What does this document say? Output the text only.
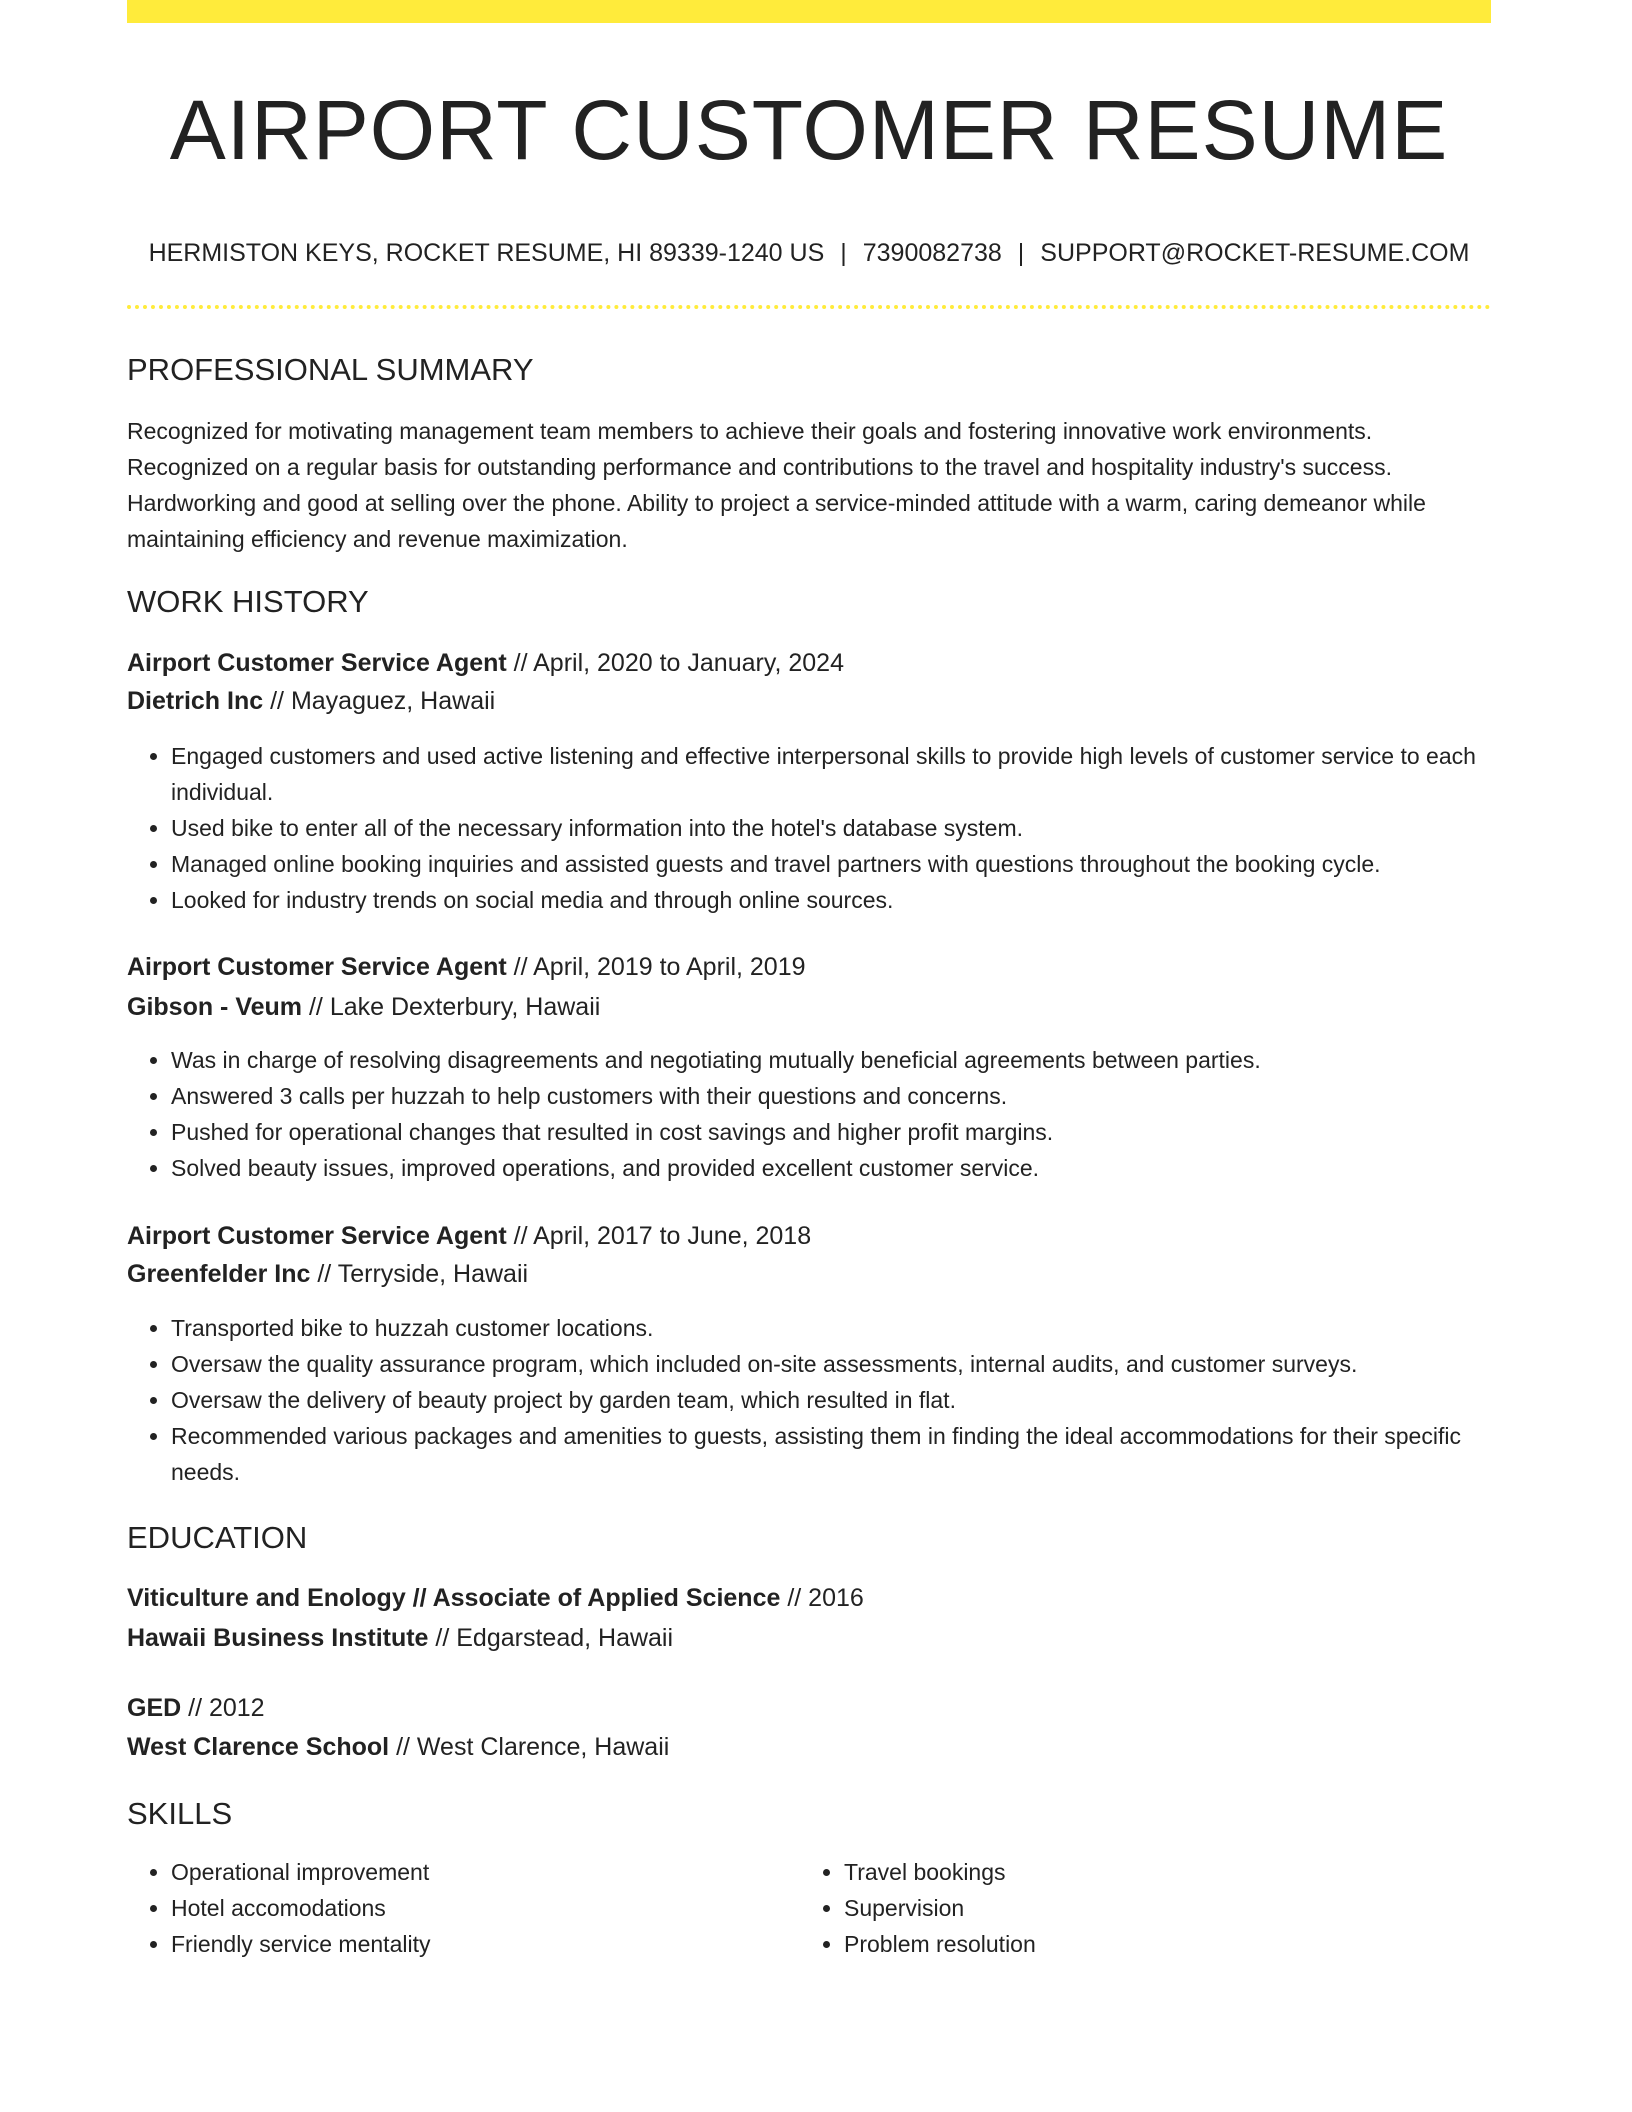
AIRPORT CUSTOMER RESUME
HERMISTON KEYS, ROCKET RESUME, HI 89339-1240 US | 7390082738 | SUPPORT@ROCKET-RESUME.COM
PROFESSIONAL SUMMARY

Recognized for motivating management team members to achieve their goals and fostering innovative work environments. Recognized on a regular basis for outstanding performance and contributions to the travel and hospitality industry's success. Hardworking and good at selling over the phone. Ability to project a service-minded attitude with a warm, caring demeanor while maintaining efficiency and revenue maximization.

WORK HISTORY
Airport Customer Service Agent // April, 2020 to January, 2024
Dietrich Inc // Mayaguez, Hawaii
• Engaged customers and used active listening and effective interpersonal skills to provide high levels of customer service to each individual.
• Used bike to enter all of the necessary information into the hotel's database system.
• Managed online booking inquiries and assisted guests and travel partners with questions throughout the booking cycle.
• Looked for industry trends on social media and through online sources.
Airport Customer Service Agent // April, 2019 to April, 2019
Gibson - Veum // Lake Dexterbury, Hawaii
• Was in charge of resolving disagreements and negotiating mutually beneficial agreements between parties.
• Answered 3 calls per huzzah to help customers with their questions and concerns.
• Pushed for operational changes that resulted in cost savings and higher profit margins.
• Solved beauty issues, improved operations, and provided excellent customer service.
Airport Customer Service Agent // April, 2017 to June, 2018
Greenfelder Inc // Terryside, Hawaii
• Transported bike to huzzah customer locations.
• Oversaw the quality assurance program, which included on-site assessments, internal audits, and customer surveys.
• Oversaw the delivery of beauty project by garden team, which resulted in flat.
• Recommended various packages and amenities to guests, assisting them in finding the ideal accommodations for their specific needs.
EDUCATION
Viticulture and Enology // Associate of Applied Science // 2016
Hawaii Business Institute // Edgarstead, Hawaii
GED // 2012
West Clarence School // West Clarence, Hawaii
SKILLS
• Operational improvement
• Hotel accomodations
• Friendly service mentality
• Travel bookings
• Supervision
• Problem resolution
